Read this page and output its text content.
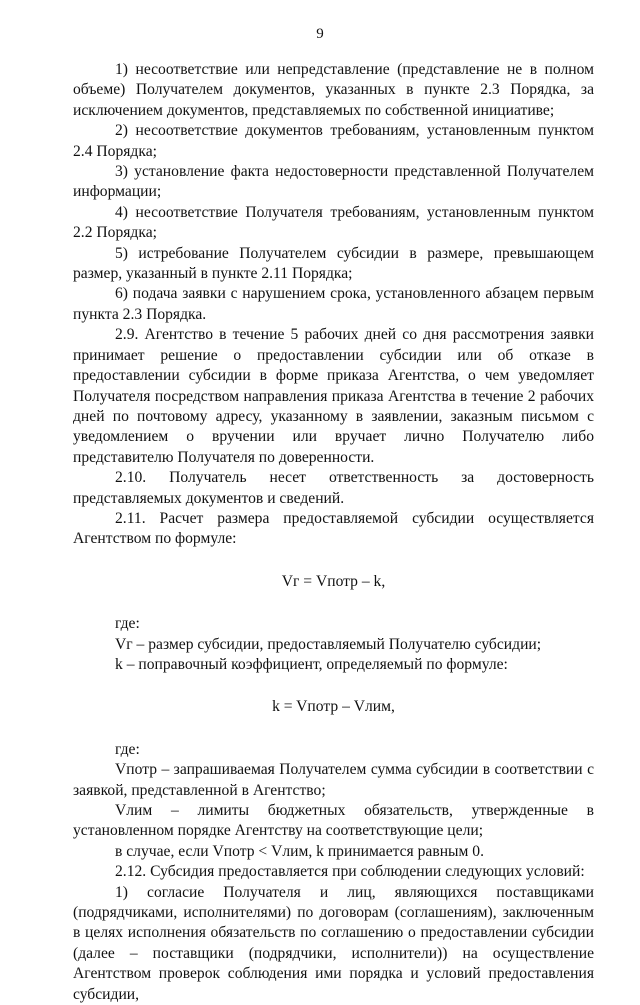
9

1) несоответствие или непредставление (представление не в полном объеме) Получателем документов, указанных в пункте 2.3 Порядка, за исключением документов, представляемых по собственной инициативе;

2) несоответствие документов требованиям, установленным пунктом 2.4 Порядка;

3) установление факта недостоверности представленной Получателем информации;

4) несоответствие Получателя требованиям, установленным пунктом 2.2 Порядка;

5) истребование Получателем субсидии в размере, превышающем размер, указанный в пункте 2.11 Порядка;

6) подача заявки с нарушением срока, установленного абзацем первым пункта 2.3 Порядка.

2.9. Агентство в течение 5 рабочих дней со дня рассмотрения заявки принимает решение о предоставлении субсидии или об отказе в предоставлении субсидии в форме приказа Агентства, о чем уведомляет Получателя посредством направления приказа Агентства в течение 2 рабочих дней по почтовому адресу, указанному в заявлении, заказным письмом с уведомлением о вручении или вручает лично Получателю либо представителю Получателя по доверенности.

2.10. Получатель несет ответственность за достоверность представляемых документов и сведений.

2.11. Расчет размера предоставляемой субсидии осуществляется Агентством по формуле:

Vг = Vпотр – k,

где:

Vг – размер субсидии, предоставляемый Получателю субсидии;

k – поправочный коэффициент, определяемый по формуле:

k = Vпотр – Vлим,

где:

Vпотр – запрашиваемая Получателем сумма субсидии в соответствии с заявкой, представленной в Агентство;

Vлим – лимиты бюджетных обязательств, утвержденные в установленном порядке Агентству на соответствующие цели;

в случае, если Vпотр < Vлим, k принимается равным 0.

2.12. Субсидия предоставляется при соблюдении следующих условий:

1) согласие Получателя и лиц, являющихся поставщиками (подрядчиками, исполнителями) по договорам (соглашениям), заключенным в целях исполнения обязательств по соглашению о предоставлении субсидии (далее – поставщики (подрядчики, исполнители)) на осуществление Агентством проверок соблюдения ими порядка и условий предоставления субсидии,
